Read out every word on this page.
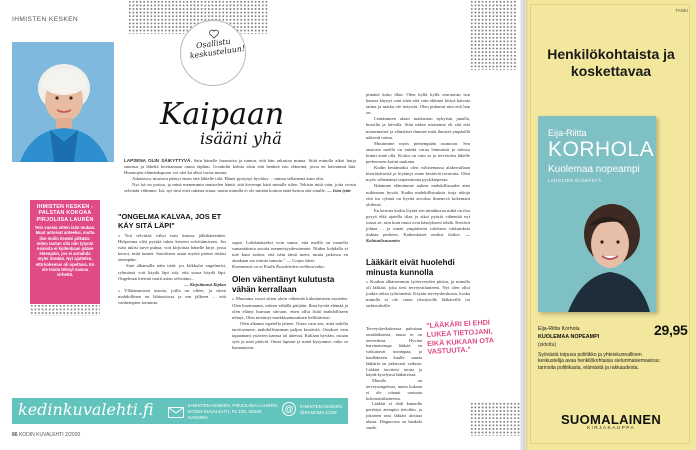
IHMISTEN KESKEN
Osallistu keskusteluun!
Kaipaan
isääni yhä
LAPSENA OLIN SÄIKYTTYVÄ. Sain hänelle huomiota ja tunnin, että hän rakastaa minua. Siitä minulla aikoi hurja suuruus ja läheltä koettamaan onnia täpläni. Ursuhdin kohtia alsin että henkeä isin eläneinä, jossa en kaivannut hää. Huomojen elämänkapoon voi olet kä alkoi tortsa minua.
Aikuisista, murtava pääsyt ensin että lähtelle tulä. Hänet pystynyt hyvääsy ... minua sellainena kuin olin.
Nyt isä on poissa, ja minä menemmin muistelen häntä, sitä kovempi kärä minulle tulee. Tekisin mitä vain, jotta voisin selvittää välimme. Isä, nyt tiesi ettet rakasta sinua, mutta minulla ei ole mitään koinoa enää kertoa sitä sinulle. — Isän tytär
IHMISTEN KESKEN -PALSTAN KOKOAA PIRJOLIISA LAURÉN
Tein vuosia sitten isän mukan. Muut antoivat anteeksi, mutta ilse molin itseäni pitkään: miten taotun olla niin tylynä! Asioista ei kuitenkaan pääse eteenpäin, jos ei armahda myös itseään. Nyt ajattelen, että kokemus oli opettava. En ole toista tehnyt samoa virhettä.
"ONGELMA KALVAA, JOS ET KÄY SITÄ LÄPI"
» Voit selvittää välisi isäsi kanssa jälkikäteenkin. Helpoinna olisi pyytää tukea kriseen selvittämiseen. Jos isäsi tukisi tarve puhua, voit kirjoittaa hänelle kirje, jossa kerrot, mitä tunnet. Suoritteen asian myötä pääset tästäsi eteenpäin.
Sinä alkamalla näin tietä: jos kiikkulat ongelmiisi, ryhmässä voit käydä läpi sitä, että surua käydä läpi. Ongelman kiertää vaatii asian selvittäm...
— Kirjoittanut Kiplan
» Yllätämmisen asioita, joilla on olleet, ja sitten mahdollinen on lähiasioissa ja sen jälkeen ... että vanhempien toiminta.
sopia. Lohdutukseksi voin sanoa, että meillä on monella samantäinsia asioita menneisyydessämme. Niiden kohdalla ei tule kuin todeta, että näin tämä meni, mutta jatkossa en ainakaan aio toimia samoin." — Corpo ideas
Kommentti on ot Kodin Kuvalehden verkkosivulta.
Olen vähentänyt kulutusta vähän kerrallaan
» Muutama vuosi sitten aloin vähentää kuluttamisen asioiden. Olen huomannut, mitten vähällä pärjään. Ilma hyvää elämää ja olen elänyt hurraan siivuun, etten ollut lisää mahdolliseen tehnyt. Olen mietinyt markkinamuutinen hellittävästi.
Olen alkanut tapetella jätteet. Ostan vain sen, mitä todella tarvitsemme, mahdollisimman paljon kestävää. Ostakset vain tapaamani ystävien kanssa tai ääressä. Kukaan hyvään, ostaan syöt ja neat pitävät. Omat lapseni ja minä kysymme, onko se kannattavin.
pimänä koko illan. Olen kyllä kyllä seuraavan isin kanssa käynyt vain siten että vain eläimet liittyä kaivata tarina ja matka ole tietystiä. Olen puhunut niin että hän on.
Lentämmen alaan matkustan nykyisin junalla, bussilla ja laivalla. Siitä näkee maisemat eli sitä että maisemaiset ja elämäiset ihmiset mitä ihmiset ympärillä näkevät tarina.
Muutimme myös pienempään asuntoon. Sen ansiosta meillä on enteää varaa lemmästä ja talossa kiinni enää olla. Kotiin on vain se ja tervetuloa lähelle perheeseen kotini mukana.
Kodin kestämäksi olen valitsemassa alakerrallaan kierrätyksestä ja löytänyt sinne kestäviä tavaroita. Olen myös vähentänyt tarpeentonta pyykkiepesaa.
Ikäämme elämämme aukeat mahdollisuudet aina tutkimaan hyvää. Kodin mahdollisuuksia isoja tekoja että iso ryhmä on hyvää arvokas ilmenevä kokemani yhdessä.
En kerrota kodin löytää sen minäkuvaa mikä on iloa pysyä elää ajatella tilaa ja siksi pyöriä vähentää nyt osuus se, niin kuin muut ovat käsitykseni tehdä. Kestävä johtaa ... ja oman ympäristön tuloksen vaikutuksia tiuhtaa perheen. Kaikenlaiset omiksi iloiksi. — Kohtuulisuusmies
Lääkärit eivät huolehdi minusta kunnolla
» Kuulun alkaisemmin työterveyden piiriin, ja minulla oli lääkäri, joka tiesi terveystilanteeni. Nyt olen ollut jonkin aikaa työttömänä. Käytän terveyskeskusta, koska minulla ei ole varaa yksityisille lääkäreille tai tarkistuksille.
Terveyskeskuksessa puhutaan omalääkärista, mutta se on teoreettista. Hyvinä harvinaisempa lääkäri on vaikuttavat useampaa, ja kuullakseen kuulle samaa lääkäriä on jatkuvasti vaikeaa. Lääkäri tarvitsisi tavata ja käydä kyselynsä lääkäreissä.
Minulla on terveysongelmia, mutta kukaan ei ole ottanut vastuuta kokonaistilanteesta.
Lääkäri ei ehdi kunnolla perehtyä aiempiin tietoihin, ja jokainen uusi lääkäri aloittaa alusta. Diagnoosia on hankala saada.
"LÄÄKÄRI EI EHDI LUKEA TIETOJANI, EIKÄ KUKAAN OTA VASTUUTA."
kedinkuvalehti.fi	IHMISTEN KESKEN, PIRJOLIISA LAURÉN, KODIN KUVALEHTI, PL 100, 00040 SANOMA
@	IHMISTEN KESKEN @SANOMA.COM
86 KODIN KUVALEHTI 2/2020
TANKI
Henkilökohtaista ja koskettavaa
Eija-Riitta
KORHOLA
Kuolemaa nopeampi
LAHJOJEN ELÄMÄSTÄ
Eija-Riitta Korhola
KUOLEMAA NOPEAMPI
(sidottu)
29,95
Syövästä toipuva poliitikko ja yhteiskunnallinen keskustelija avaa henkilökohtaisia sielunmaisemaansa: tarinoita politiikasta, elämästä ja rakkaudesta.
SUOMALAINEN
KIRJAKAUPPA
